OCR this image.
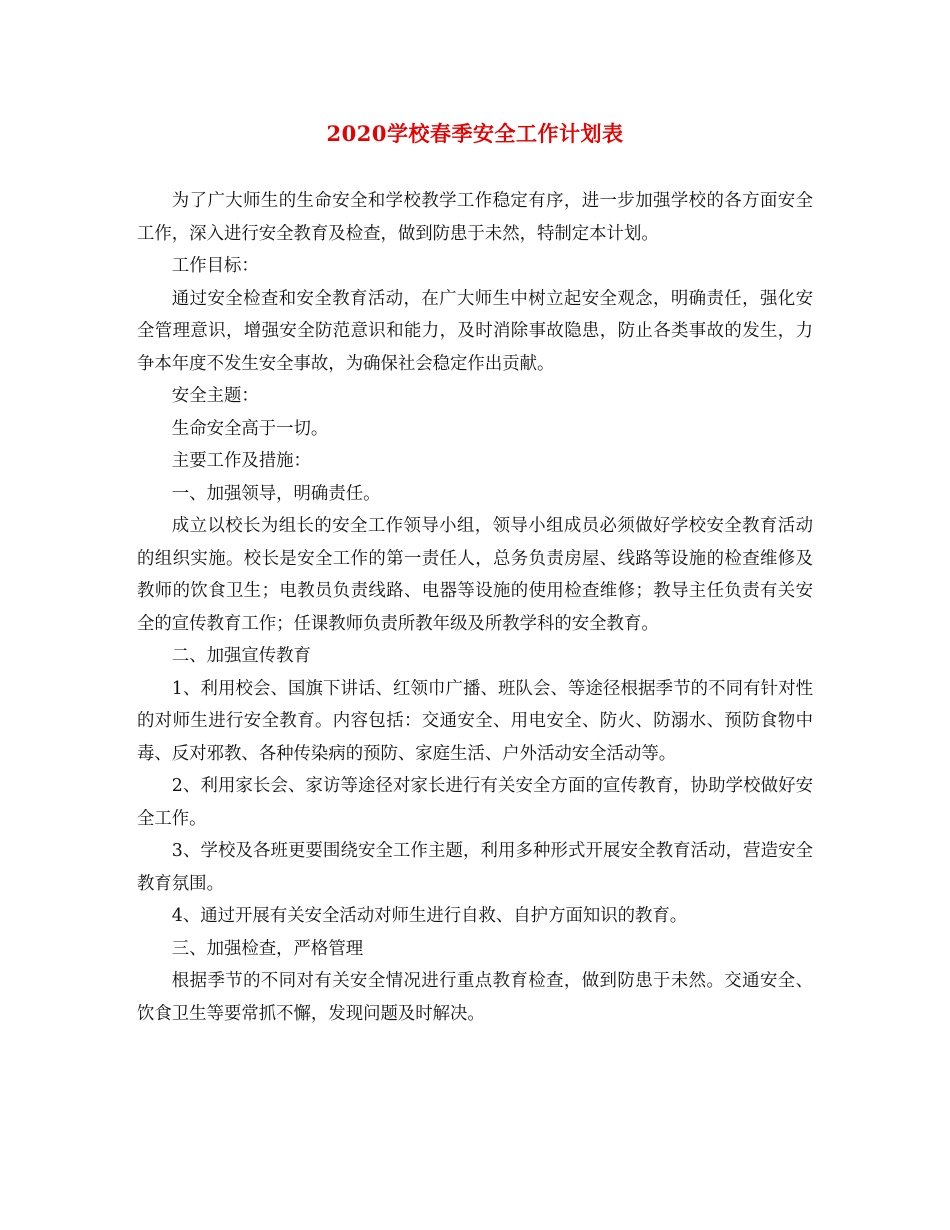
2020学校春季安全工作计划表

为了广大师生的生命安全和学校教学工作稳定有序，进一步加强学校的各方面安全工作，深入进行安全教育及检查，做到防患于未然，特制定本计划。

工作目标：

通过安全检查和安全教育活动，在广大师生中树立起安全观念，明确责任，强化安全管理意识，增强安全防范意识和能力，及时消除事故隐患，防止各类事故的发生，力争本年度不发生安全事故，为确保社会稳定作出贡献。

安全主题：

生命安全高于一切。

主要工作及措施：

一、加强领导，明确责任。

成立以校长为组长的安全工作领导小组，领导小组成员必须做好学校安全教育活动的组织实施。校长是安全工作的第一责任人，总务负责房屋、线路等设施的检查维修及教师的饮食卫生；电教员负责线路、电器等设施的使用检查维修；教导主任负责有关安全的宣传教育工作；任课教师负责所教年级及所教学科的安全教育。

二、加强宣传教育

1、利用校会、国旗下讲话、红领巾广播、班队会、等途径根据季节的不同有针对性的对师生进行安全教育。内容包括：交通安全、用电安全、防火、防溺水、预防食物中毒、反对邪教、各种传染病的预防、家庭生活、户外活动安全活动等。

2、利用家长会、家访等途径对家长进行有关安全方面的宣传教育，协助学校做好安全工作。

3、学校及各班更要围绕安全工作主题，利用多种形式开展安全教育活动，营造安全教育氛围。

4、通过开展有关安全活动对师生进行自救、自护方面知识的教育。

三、加强检查，严格管理

根据季节的不同对有关安全情况进行重点教育检查，做到防患于未然。交通安全、饮食卫生等要常抓不懈，发现问题及时解决。
